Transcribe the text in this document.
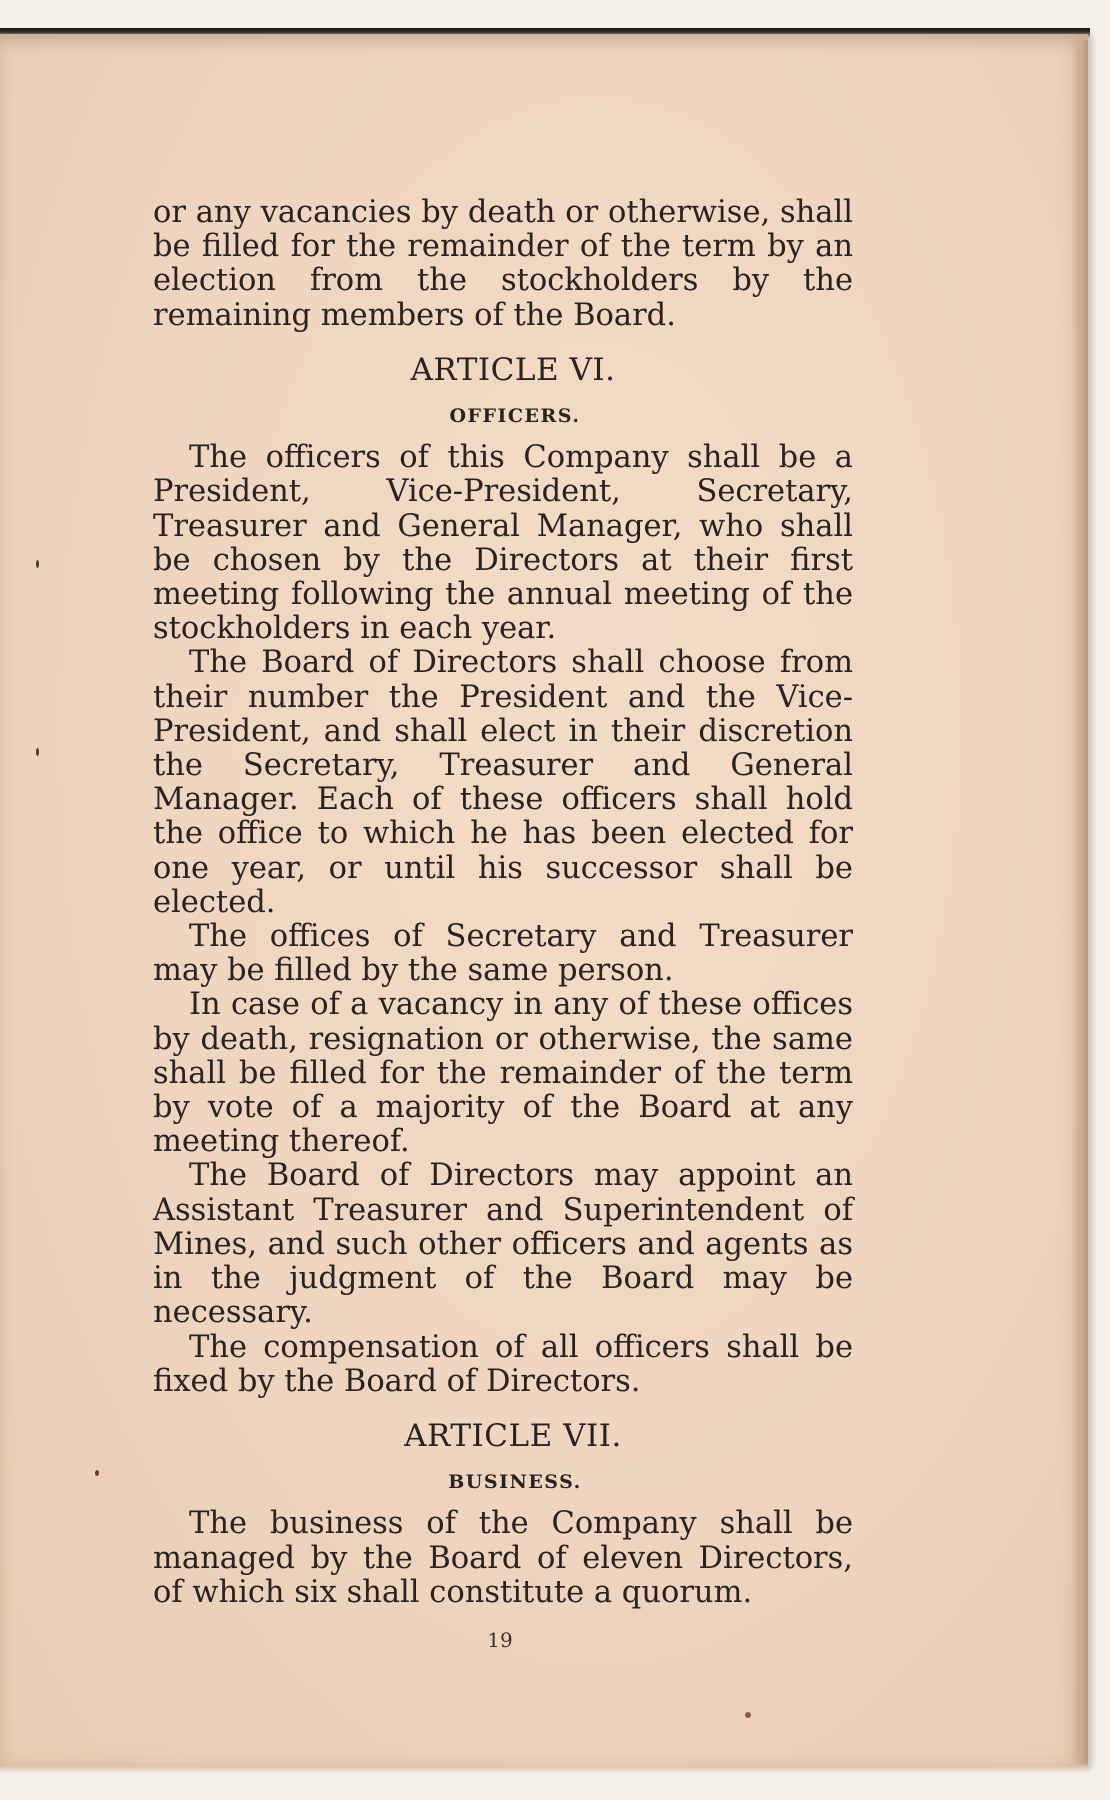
or any vacancies by death or otherwise, shall be filled for the remainder of the term by an election from the stockholders by the remaining members of the Board.

ARTICLE VI.
OFFICERS.

The officers of this Company shall be a President, Vice-President, Secretary, Treasurer and General Manager, who shall be chosen by the Directors at their first meeting following the annual meeting of the stockholders in each year.

The Board of Directors shall choose from their number the President and the Vice-President, and shall elect in their discretion the Secretary, Treasurer and General Manager. Each of these officers shall hold the office to which he has been elected for one year, or until his successor shall be elected.

The offices of Secretary and Treasurer may be filled by the same person.

In case of a vacancy in any of these offices by death, resignation or otherwise, the same shall be filled for the remainder of the term by vote of a majority of the Board at any meeting thereof.

The Board of Directors may appoint an Assistant Treasurer and Superintendent of Mines, and such other officers and agents as in the judgment of the Board may be necessary.

The compensation of all officers shall be fixed by the Board of Directors.

ARTICLE VII.
BUSINESS.

The business of the Company shall be managed by the Board of eleven Directors, of which six shall constitute a quorum.

19
